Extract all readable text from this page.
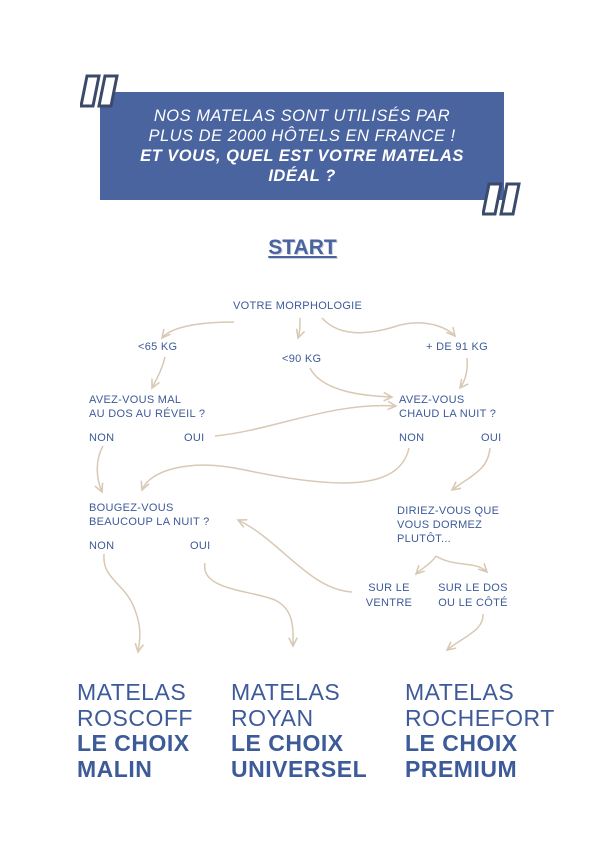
NOS MATELAS SONT UTILISÉS PAR
PLUS DE 2000 HÔTELS EN FRANCE !
ET VOUS, QUEL EST VOTRE MATELAS
IDÉAL ?
START
VOTRE MORPHOLOGIE
<65 KG
<90 KG
+ DE 91 KG
AVEZ-VOUS MAL
AU DOS AU RÉVEIL ?
NON	OUI
AVEZ-VOUS
CHAUD LA NUIT ?
NON	OUI
BOUGEZ-VOUS
BEAUCOUP LA NUIT ?
NON	OUI
DIRIEZ-VOUS QUE
VOUS DORMEZ
PLUTÔT...
SUR LE
VENTRE
SUR LE DOS
OU LE CÔTÉ
MATELAS
ROSCOFF
LE CHOIX
MALIN
MATELAS
ROYAN
LE CHOIX
UNIVERSEL
MATELAS
ROCHEFORT
LE CHOIX
PREMIUM
